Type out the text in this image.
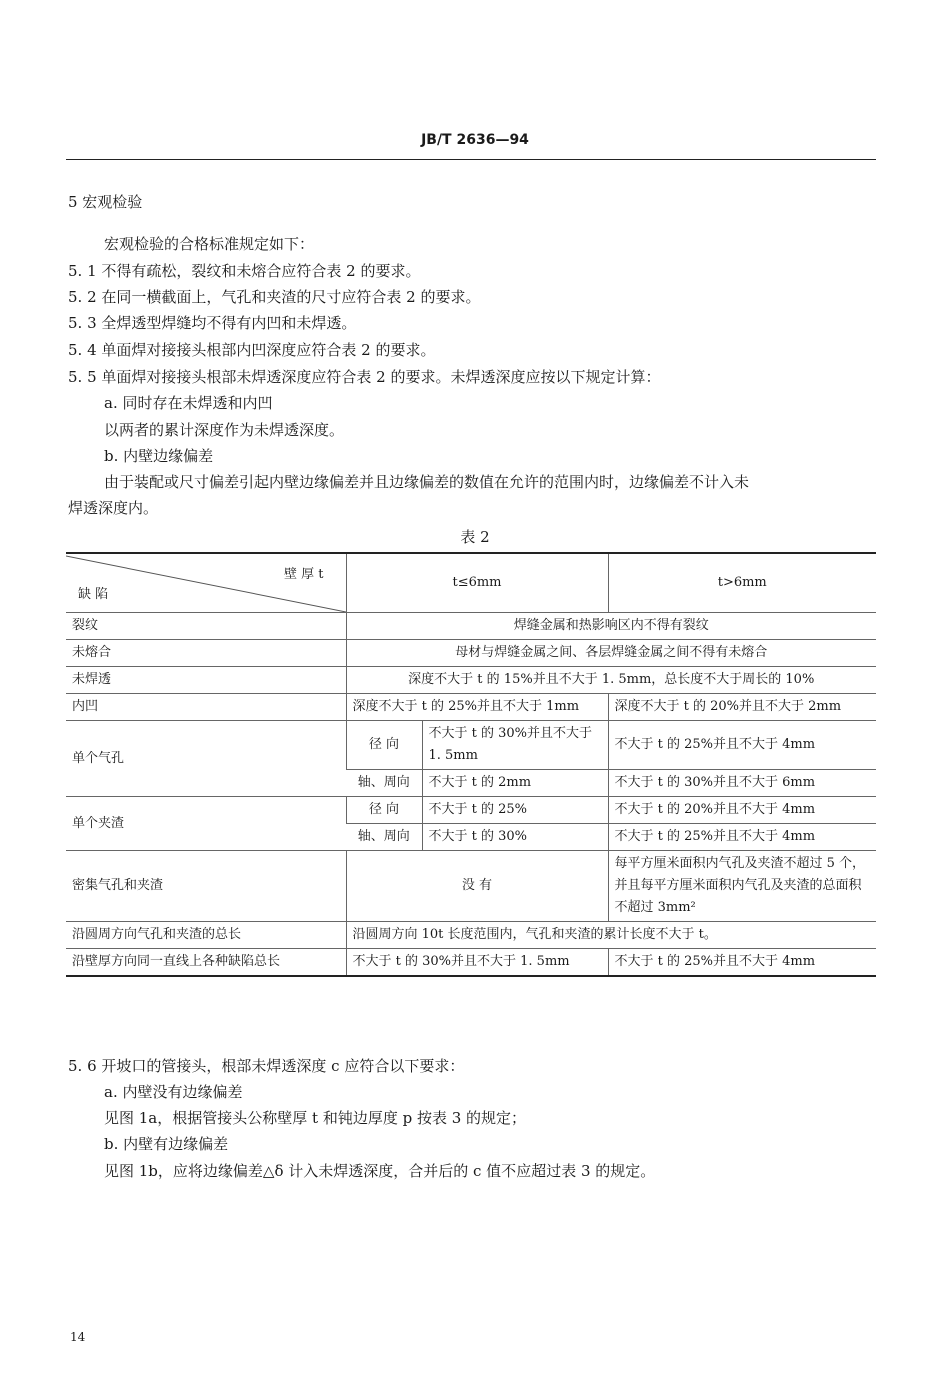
JB/T 2636—94
5 宏观检验
宏观检验的合格标准规定如下：
5. 1 不得有疏松，裂纹和未熔合应符合表 2 的要求。
5. 2 在同一横截面上，气孔和夹渣的尺寸应符合表 2 的要求。
5. 3 全焊透型焊缝均不得有内凹和未焊透。
5. 4 单面焊对接接头根部内凹深度应符合表 2 的要求。
5. 5 单面焊对接接头根部未焊透深度应符合表 2 的要求。未焊透深度应按以下规定计算：
a. 同时存在未焊透和内凹
以两者的累计深度作为未焊透深度。
b. 内壁边缘偏差
由于装配或尺寸偏差引起内壁边缘偏差并且边缘偏差的数值在允许的范围内时，边缘偏差不计入未
焊透深度内。
表 2
壁 厚 t
缺 陷	t≤6mm		t>6mm
裂纹	焊缝金属和热影响区内不得有裂纹		
未熔合	母材与焊缝金属之间、各层焊缝金属之间不得有未熔合		
未焊透	深度不大于 t 的 15%并且不大于 1. 5mm，总长度不大于周长的 10%		
内凹	深度不大于 t 的 25%并且不大于 1mm		深度不大于 t 的 20%并且不大于 2mm
单个气孔	径 向	不大于 t 的 30%并且不大于 1. 5mm	不大于 t 的 25%并且不大于 4mm
	轴、周向	不大于 t 的 2mm	不大于 t 的 30%并且不大于 6mm
单个夹渣	径 向	不大于 t 的 25%	不大于 t 的 20%并且不大于 4mm
	轴、周向	不大于 t 的 30%	不大于 t 的 25%并且不大于 4mm
密集气孔和夹渣	没 有		每平方厘米面积内气孔及夹渣不超过 5 个，并且每平方厘米面积内气孔及夹渣的总面积不超过 3mm²
沿圆周方向气孔和夹渣的总长	沿圆周方向 10t 长度范围内，气孔和夹渣的累计长度不大于 t。		
沿壁厚方向同一直线上各种缺陷总长	不大于 t 的 30%并且不大于 1. 5mm		不大于 t 的 25%并且不大于 4mm
5. 6 开坡口的管接头，根部未焊透深度 c 应符合以下要求：
a. 内壁没有边缘偏差
见图 1a，根据管接头公称壁厚 t 和钝边厚度 p 按表 3 的规定；
b. 内壁有边缘偏差
见图 1b，应将边缘偏差△δ 计入未焊透深度，合并后的 c 值不应超过表 3 的规定。
14
